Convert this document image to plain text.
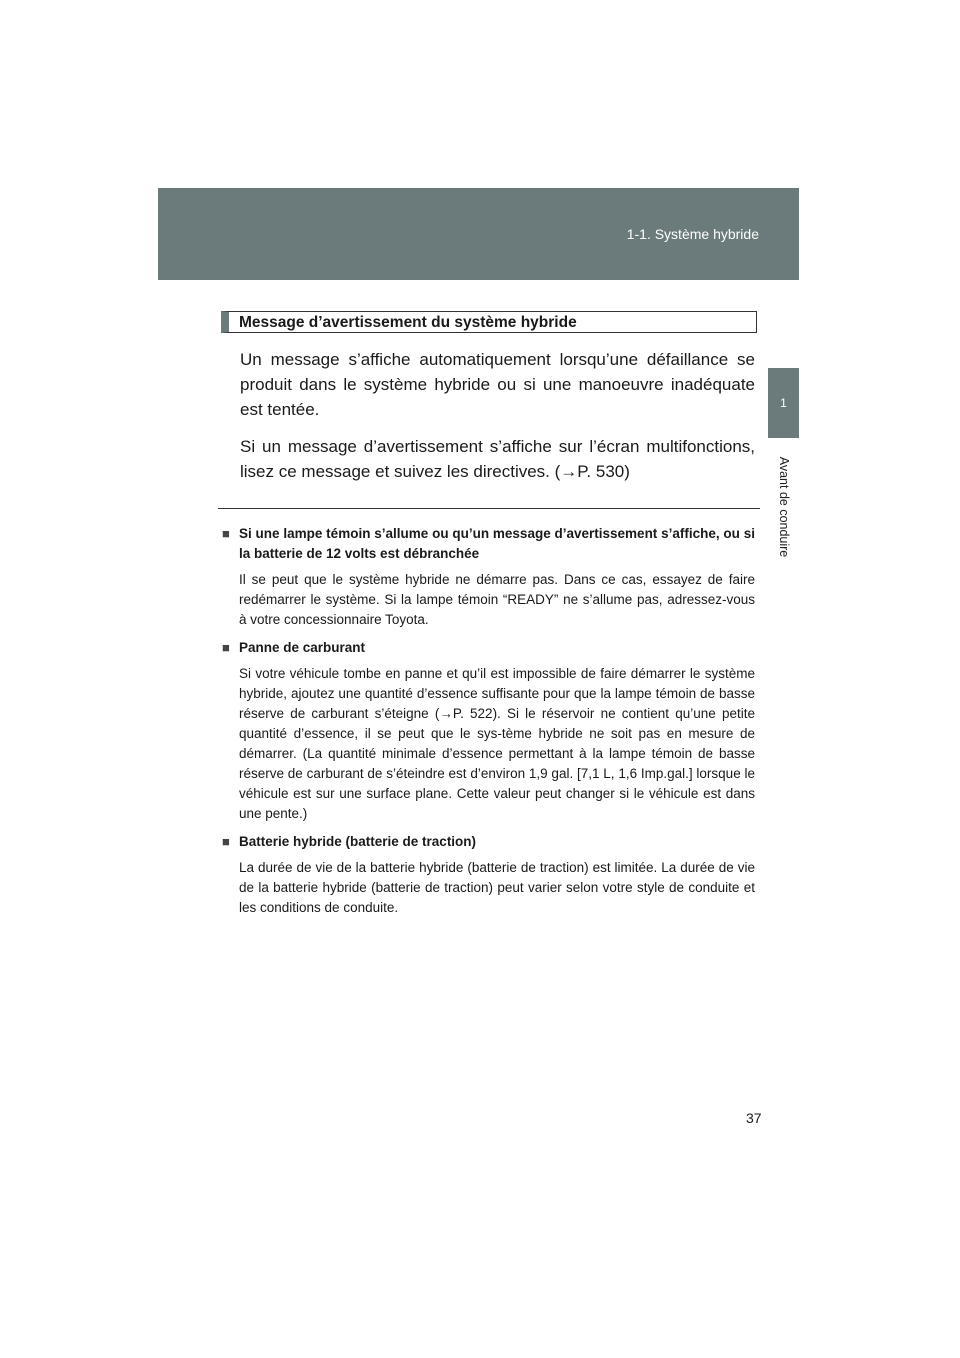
1-1. Système hybride
1
Avant de conduire
Message d’avertissement du système hybride

Un message s’affiche automatiquement lorsqu’une défaillance se produit dans le système hybride ou si une manoeuvre inadéquate est tentée.

Si un message d’avertissement s’affiche sur l’écran multifonctions, lisez ce message et suivez les directives. (→P. 530)

■ Si une lampe témoin s’allume ou qu’un message d’avertissement s’affiche, ou si la batterie de 12 volts est débranchée
Il se peut que le système hybride ne démarre pas. Dans ce cas, essayez de faire redémarrer le système. Si la lampe témoin “READY” ne s’allume pas, adressez-vous à votre concessionnaire Toyota.
■ Panne de carburant
Si votre véhicule tombe en panne et qu’il est impossible de faire démarrer le système hybride, ajoutez une quantité d’essence suffisante pour que la lampe témoin de basse réserve de carburant s’éteigne (→P. 522). Si le réservoir ne contient qu’une petite quantité d’essence, il se peut que le sys-tème hybride ne soit pas en mesure de démarrer. (La quantité minimale d’essence permettant à la lampe témoin de basse réserve de carburant de s’éteindre est d’environ 1,9 gal. [7,1 L, 1,6 Imp.gal.] lorsque le véhicule est sur une surface plane. Cette valeur peut changer si le véhicule est dans une pente.)
■ Batterie hybride (batterie de traction)
La durée de vie de la batterie hybride (batterie de traction) est limitée. La durée de vie de la batterie hybride (batterie de traction) peut varier selon votre style de conduite et les conditions de conduite.
37
